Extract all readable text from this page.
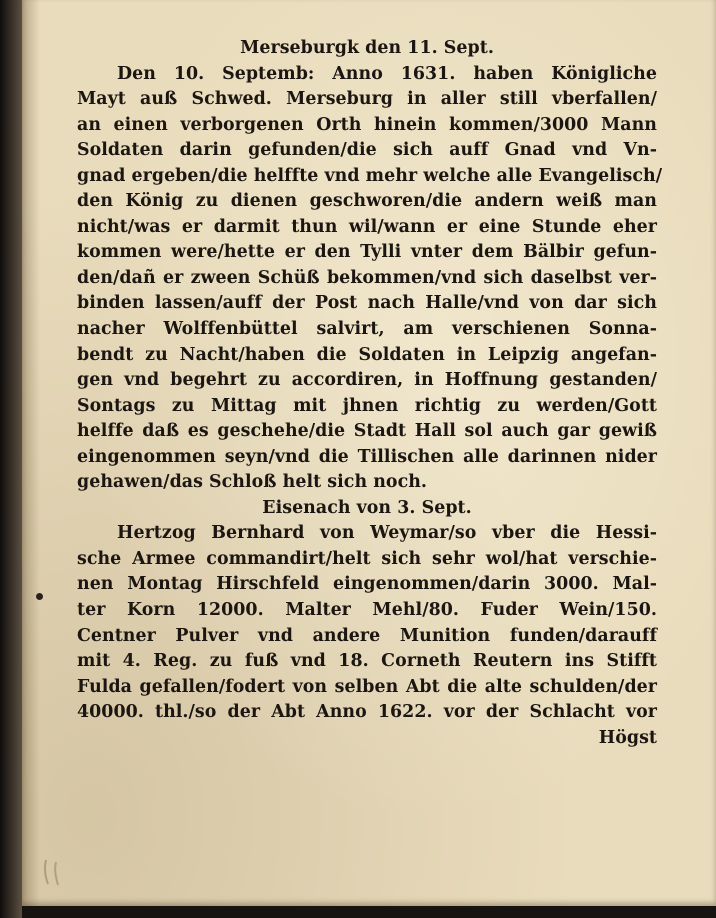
Merseburgk den 11. Sept.
Den 10. Septemb: Anno 1631. haben Königliche
Mayt auß Schwed. Merseburg in aller still vberfallen/
an einen verborgenen Orth hinein kommen/3000 Mann
Soldaten darin gefunden/die sich auff Gnad vnd Vn-
gnad ergeben/die helffte vnd mehr welche alle Evangelisch/
den König zu dienen geschworen/die andern weiß man
nicht/was er darmit thun wil/wann er eine Stunde eher
kommen were/hette er den Tylli vnter dem Bälbir gefun-
den/dañ er zween Schüß bekommen/vnd sich daselbst ver-
binden lassen/auff der Post nach Halle/vnd von dar sich
nacher Wolffenbüttel salvirt, am verschienen Sonna-
bendt zu Nacht/haben die Soldaten in Leipzig angefan-
gen vnd begehrt zu accordiren, in Hoffnung gestanden/
Sontags zu Mittag mit jhnen richtig zu werden/Gott
helffe daß es geschehe/die Stadt Hall sol auch gar gewiß
eingenommen seyn/vnd die Tillischen alle darinnen nider
gehawen/das Schloß helt sich noch.
Eisenach von 3. Sept.
Hertzog Bernhard von Weymar/so vber die Hessi-
sche Armee commandirt/helt sich sehr wol/hat verschie-
nen Montag Hirschfeld eingenommen/darin 3000. Mal-
ter Korn 12000. Malter Mehl/80. Fuder Wein/150.
Centner Pulver vnd andere Munition funden/darauff
mit 4. Reg. zu fuß vnd 18. Corneth Reutern ins Stifft
Fulda gefallen/fodert von selben Abt die alte schulden/der
40000. thl./so der Abt Anno 1622. vor der Schlacht vor
Högst
